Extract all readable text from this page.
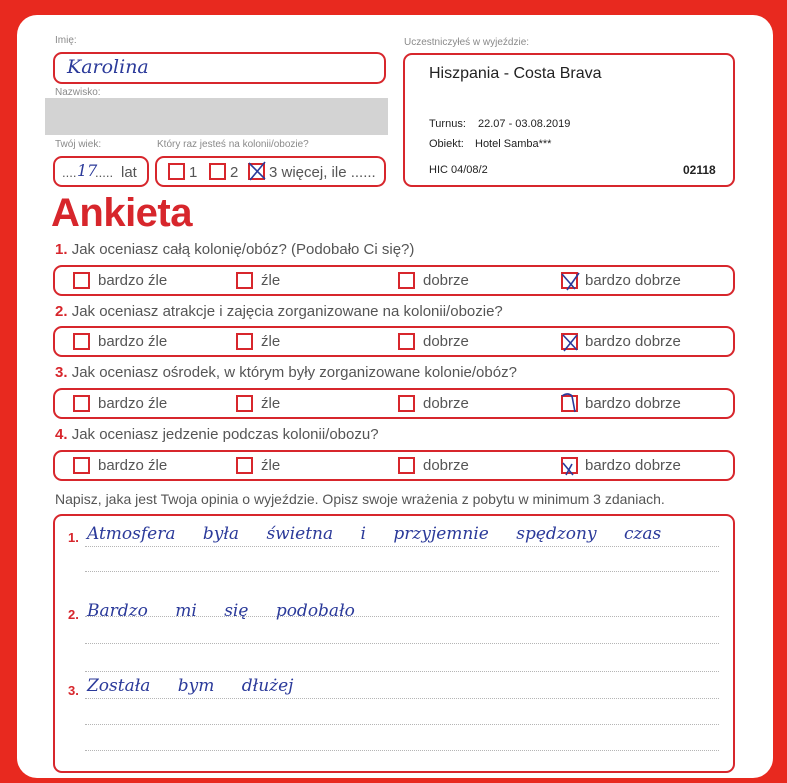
Imię:
Karolina
Nazwisko:
Twój wiek:
.... 17
..... lat
Który raz jesteś na kolonii/obozie?
1 2 3 więcej, ile ......
Uczestniczyłeś w wyjeździe:
Hiszpania - Costa Brava
Turnus: 22.07 - 03.08.2019
Obiekt: Hotel Samba***
HIC 04/08/2	02118
Ankieta
1. Jak oceniasz całą kolonię/obóz? (Podobało Ci się?)
bardzo źle	źle	dobrze	bardzo dobrze
2. Jak oceniasz atrakcje i zajęcia zorganizowane na kolonii/obozie?
bardzo źle	źle	dobrze	bardzo dobrze
3. Jak oceniasz ośrodek, w którym były zorganizowane kolonie/obóz?
bardzo źle	źle	dobrze	bardzo dobrze
4. Jak oceniasz jedzenie podczas kolonii/obozu?
bardzo źle	źle	dobrze	bardzo dobrze
Napisz, jaka jest Twoja opinia o wyjeździe. Opisz swoje wrażenia z pobytu w minimum 3 zdaniach.
1. Atmosfera była świetna i przyjemnie spędzony czas
2. Bardzo mi się podobało
3. Została bym dłużej
